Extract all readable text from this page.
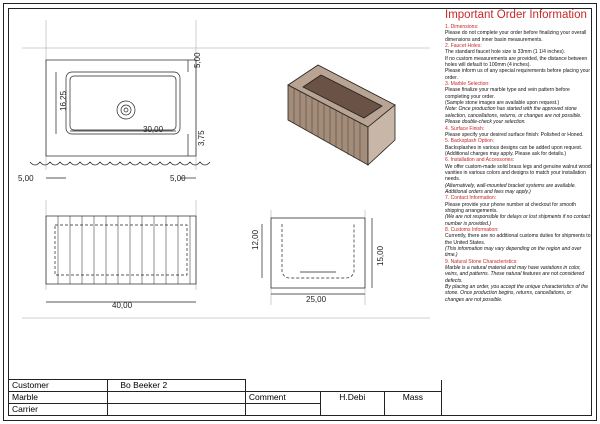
16,25
30,00
5,00
3,75
5,00	5,00
40,00
12,00
15,00
25,00
Important Order Information

1. Dimensions:

Please do not complete your order before finalizing your overall dimensions and inner basin measurements.

2. Faucet Holes:

The standard faucet hole size is 33mm (1 1/4 inches).

If no custom measurements are provided, the distance between holes will default to 100mm (4 inches).

Please inform us of any special requirements before placing your order.

3. Marble Selection:

Please finalize your marble type and vein pattern before completing your order.

(Sample stone images are available upon request.)

Note: Once production has started with the approved stone selection, cancellations, returns, or changes are not possible. Please double-check your selection.

4. Surface Finish:

Please specify your desired surface finish: Polished or Honed.

5. Backsplash Option:

Backsplashes in various designs can be added upon request.

(Additional charges may apply. Please ask for details.)

6. Installation and Accessories:

We offer custom-made solid brass legs and genuine walnut wood vanities in various colors and designs to match your installation needs.

(Alternatively, wall-mounted bracket systems are available. Additional orders and fees may apply.)

7. Contact Information:

Please provide your phone number at checkout for smooth shipping arrangements.

(We are not responsible for delays or lost shipments if no contact number is provided.)

8. Customs Information:

Currently, there are no additional customs duties for shipments to the United States.

(This information may vary depending on the region and over time.)

9. Natural Stone Characteristics:

Marble is a natural material and may have variations in color, veins, and patterns. These natural features are not considered defects.

By placing an order, you accept the unique characteristics of the stone. Once production begins, returns, cancellations, or changes are not possible.

Customer	Bo Beeker 2			
Marble		Comment	H.Debi	Mass
Carrier				
